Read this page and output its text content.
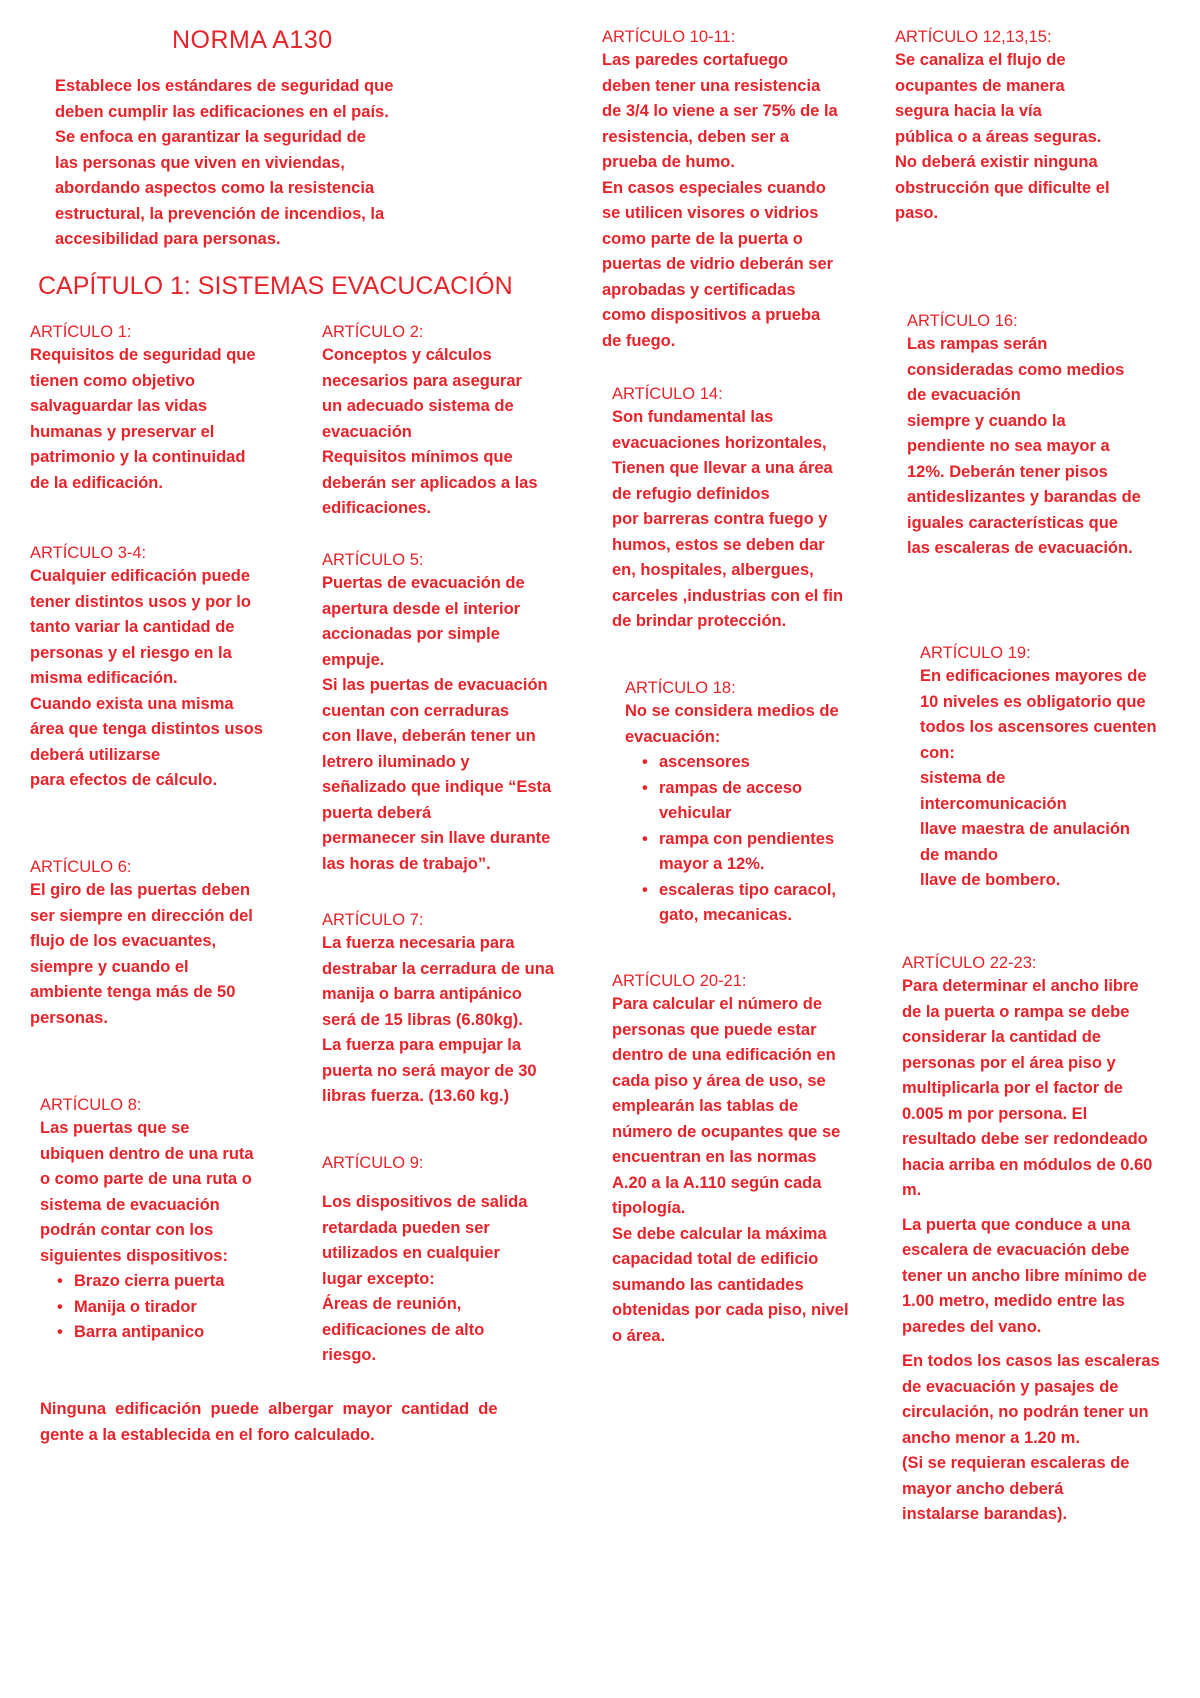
NORMA A130

Establece los estándares de seguridad que

deben cumplir las edificaciones en el país.

Se enfoca en garantizar la seguridad de

las personas que viven en viviendas,

abordando aspectos como la resistencia

estructural, la prevención de incendios, la

accesibilidad para personas.

CAPÍTULO 1: SISTEMAS EVACUCACIÓN

ARTÍCULO 1:

Requisitos de seguridad que

tienen como objetivo

salvaguardar las vidas

humanas y preservar el

patrimonio y la continuidad

de la edificación.

ARTÍCULO 3-4:

Cualquier edificación puede

tener distintos usos y por lo

tanto variar la cantidad de

personas y el riesgo en la

misma edificación.

Cuando exista una misma

área que tenga distintos usos

deberá utilizarse

para efectos de cálculo.

ARTÍCULO 6:

El giro de las puertas deben

ser siempre en dirección del

flujo de los evacuantes,

siempre y cuando el

ambiente tenga más de 50

personas.

ARTÍCULO 8:

Las puertas que se

ubiquen dentro de una ruta

o como parte de una ruta o

sistema de evacuación

podrán contar con los

siguientes dispositivos:

• Brazo cierra puerta
• Manija o tirador
• Barra antipanico

Ninguna  edificación  puede  albergar  mayor  cantidad  de

gente a la establecida en el foro calculado.

ARTÍCULO 2:

Conceptos y cálculos

necesarios para asegurar

un adecuado sistema de

evacuación

Requisitos mínimos que

deberán ser aplicados a las

edificaciones.

ARTÍCULO 5:

Puertas de evacuación de

apertura desde el interior

accionadas por simple

empuje.

Si las puertas de evacuación

cuentan con cerraduras

con llave, deberán tener un

letrero iluminado y

señalizado que indique “Esta

puerta deberá

permanecer sin llave durante

las horas de trabajo”.

ARTÍCULO 7:

La fuerza necesaria para

destrabar la cerradura de una

manija o barra antipánico

será de 15 libras (6.80kg).

La fuerza para empujar la

puerta no será mayor de 30

libras fuerza. (13.60 kg.)

ARTÍCULO 9:

Los dispositivos de salida

retardada pueden ser

utilizados en cualquier

lugar excepto:

Áreas de reunión,

edificaciones de alto

riesgo.

ARTÍCULO 10-11:

Las paredes cortafuego

deben tener una resistencia

de 3/4 lo viene a ser 75% de la

resistencia, deben ser a

prueba de humo.

En casos especiales cuando

se utilicen visores o vidrios

como parte de la puerta o

puertas de vidrio deberán ser

aprobadas y certificadas

como dispositivos a prueba

de fuego.

ARTÍCULO 14:

Son fundamental las

evacuaciones horizontales,

Tienen que llevar a una área

de refugio definidos

por barreras contra fuego y

humos, estos se deben dar

en, hospitales, albergues,

carceles ,industrias con el fin

de brindar protección.

ARTÍCULO 18:

No se considera medios de

evacuación:

• ascensores

• rampas de acceso

vehicular

• rampa con pendientes

mayor a 12%.

• escaleras tipo caracol,

gato, mecanicas.

ARTÍCULO 20-21:

Para calcular el número de

personas que puede estar

dentro de una edificación en

cada piso y área de uso, se

emplearán las tablas de

número de ocupantes que se

encuentran en las normas

A.20 a la A.110 según cada

tipología.

Se debe calcular la máxima

capacidad total de edificio

sumando las cantidades

obtenidas por cada piso, nivel

o área.

ARTÍCULO 12,13,15:

Se canaliza el flujo de

ocupantes de manera

segura hacia la vía

pública o a áreas seguras.

No deberá existir ninguna

obstrucción que dificulte el

paso.

ARTÍCULO 16:

Las rampas serán

consideradas como medios

de evacuación

siempre y cuando la

pendiente no sea mayor a

12%. Deberán tener pisos

antideslizantes y barandas de

iguales características que

las escaleras de evacuación.

ARTÍCULO 19:

En edificaciones mayores de

10 niveles es obligatorio que

todos los ascensores cuenten

con:

sistema de

intercomunicación

llave maestra de anulación

de mando

llave de bombero.

ARTÍCULO 22-23:

Para determinar el ancho libre

de la puerta o rampa se debe

considerar la cantidad de

personas por el área piso y

multiplicarla por el factor de

0.005 m por persona. El

resultado debe ser redondeado

hacia arriba en módulos de 0.60

m.

La puerta que conduce a una

escalera de evacuación debe

tener un ancho libre mínimo de

1.00 metro, medido entre las

paredes del vano.

En todos los casos las escaleras

de evacuación y pasajes de

circulación, no podrán tener un

ancho menor a 1.20 m.

(Si se requieran escaleras de

mayor ancho deberá

instalarse barandas).
